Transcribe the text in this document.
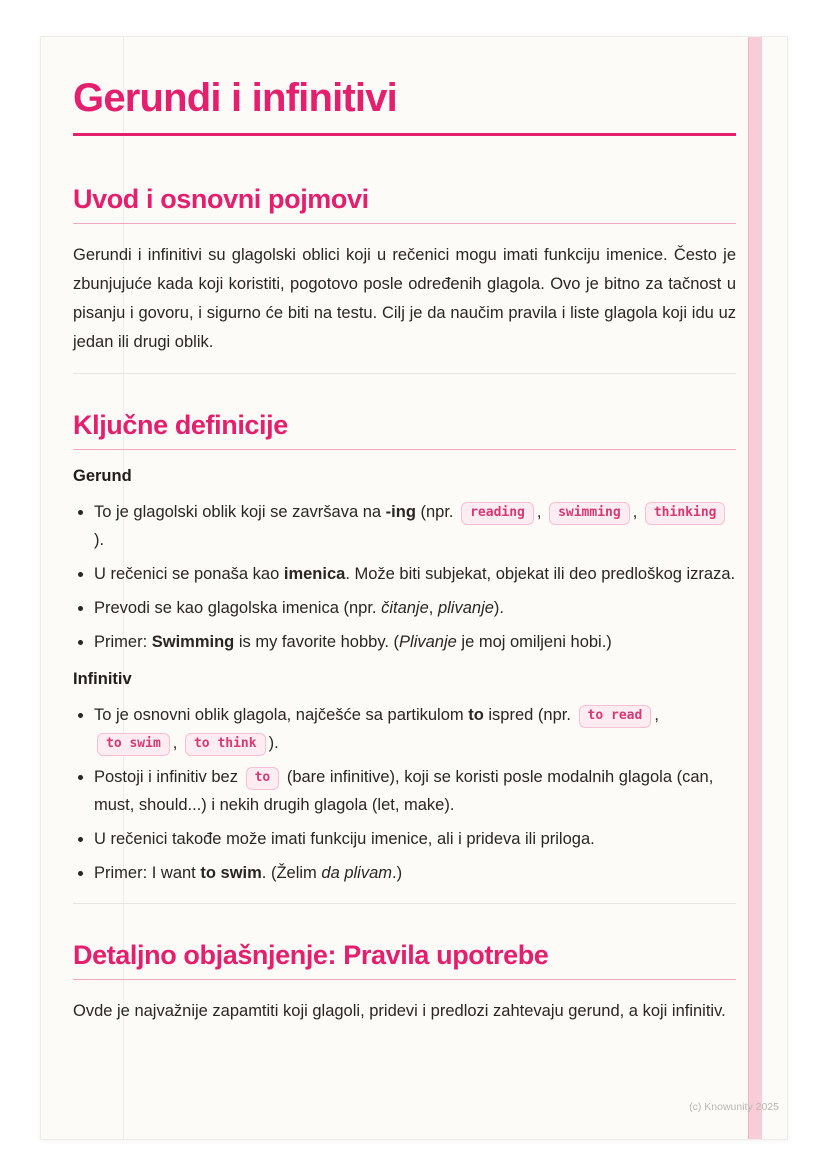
Gerundi i infinitivi
Uvod i osnovni pojmovi

Gerundi i infinitivi su glagolski oblici koji u rečenici mogu imati funkciju imenice. Često je zbunjujuće kada koji koristiti, pogotovo posle određenih glagola. Ovo je bitno za tačnost u pisanju i govoru, i sigurno će biti na testu. Cilj je da naučim pravila i liste glagola koji idu uz jedan ili drugi oblik.

Ključne definicije
Gerund
• To je glagolski oblik koji se završava na -ing (npr. reading , swimming , thinking).
• U rečenici se ponaša kao imenica. Može biti subjekat, objekat ili deo predloškog izraza.
• Prevodi se kao glagolska imenica (npr. čitanje, plivanje).
• Primer: Swimming is my favorite hobby. (Plivanje je moj omiljeni hobi.)
Infinitiv
• To je osnovni oblik glagola, najčešće sa partikulom to ispred (npr. to read , to swim , to think ).
• Postoji i infinitiv bez to (bare infinitive), koji se koristi posle modalnih glagola (can, must, should...) i nekih drugih glagola (let, make).
• U rečenici takođe može imati funkciju imenice, ali i prideva ili priloga.
• Primer: I want to swim. (Želim da plivam.)
Detaljno objašnjenje: Pravila upotrebe

Ovde je najvažnije zapamtiti koji glagoli, pridevi i predlozi zahtevaju gerund, a koji infinitiv.

(c) Knowunity 2025
